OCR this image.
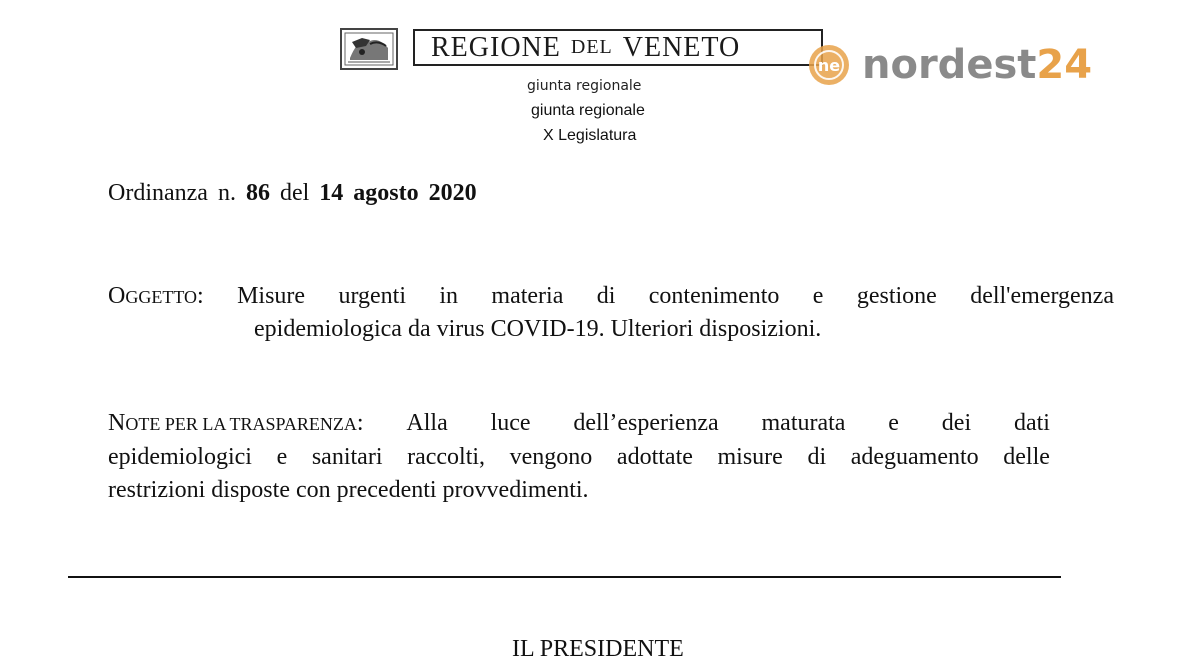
REGIONE DEL VENETO
giunta regionale
giunta regionale
X Legislatura
ne nordest24
Ordinanza n. 86 del 14 agosto 2020
OGGETTO: Misure urgenti in materia di contenimento e gestione dell'emergenza
epidemiologica da virus COVID-19. Ulteriori disposizioni.
NOTE PER LA TRASPARENZA: Alla luce dell’esperienza maturata e dei dati
epidemiologici e sanitari raccolti, vengono adottate misure di adeguamento delle
restrizioni disposte con precedenti provvedimenti.
IL PRESIDENTE
